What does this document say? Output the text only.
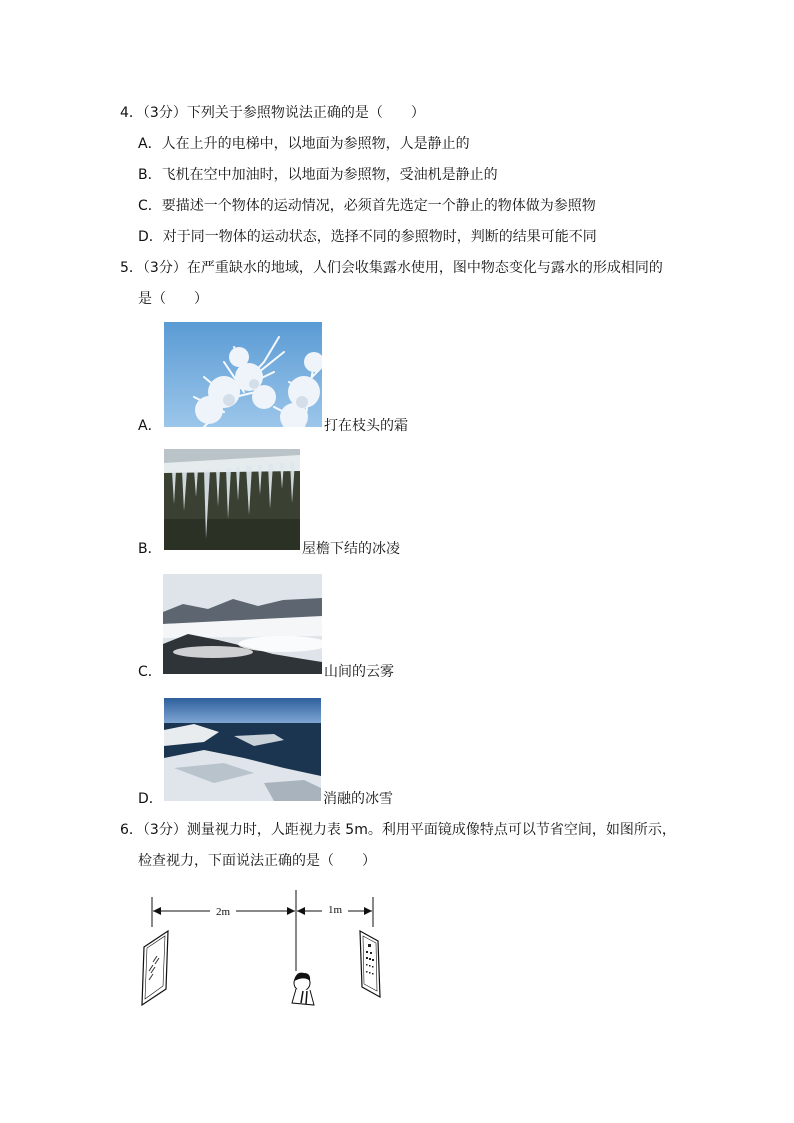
4．（3分）下列关于参照物说法正确的是（　　）
A．人在上升的电梯中，以地面为参照物，人是静止的
B．飞机在空中加油时，以地面为参照物，受油机是静止的
C．要描述一个物体的运动情况，必须首先选定一个静止的物体做为参照物
D．对于同一物体的运动状态，选择不同的参照物时，判断的结果可能不同
5．（3分）在严重缺水的地域，人们会收集露水使用，图中物态变化与露水的形成相同的
是（　　）
A．	打在枝头的霜
B．	屋檐下结的冰凌
C．	山间的云雾
D．	消融的冰雪
6．（3分）测量视力时，人距视力表 5m。利用平面镜成像特点可以节省空间，如图所示，
检查视力，下面说法正确的是（　　）
2m	1m
